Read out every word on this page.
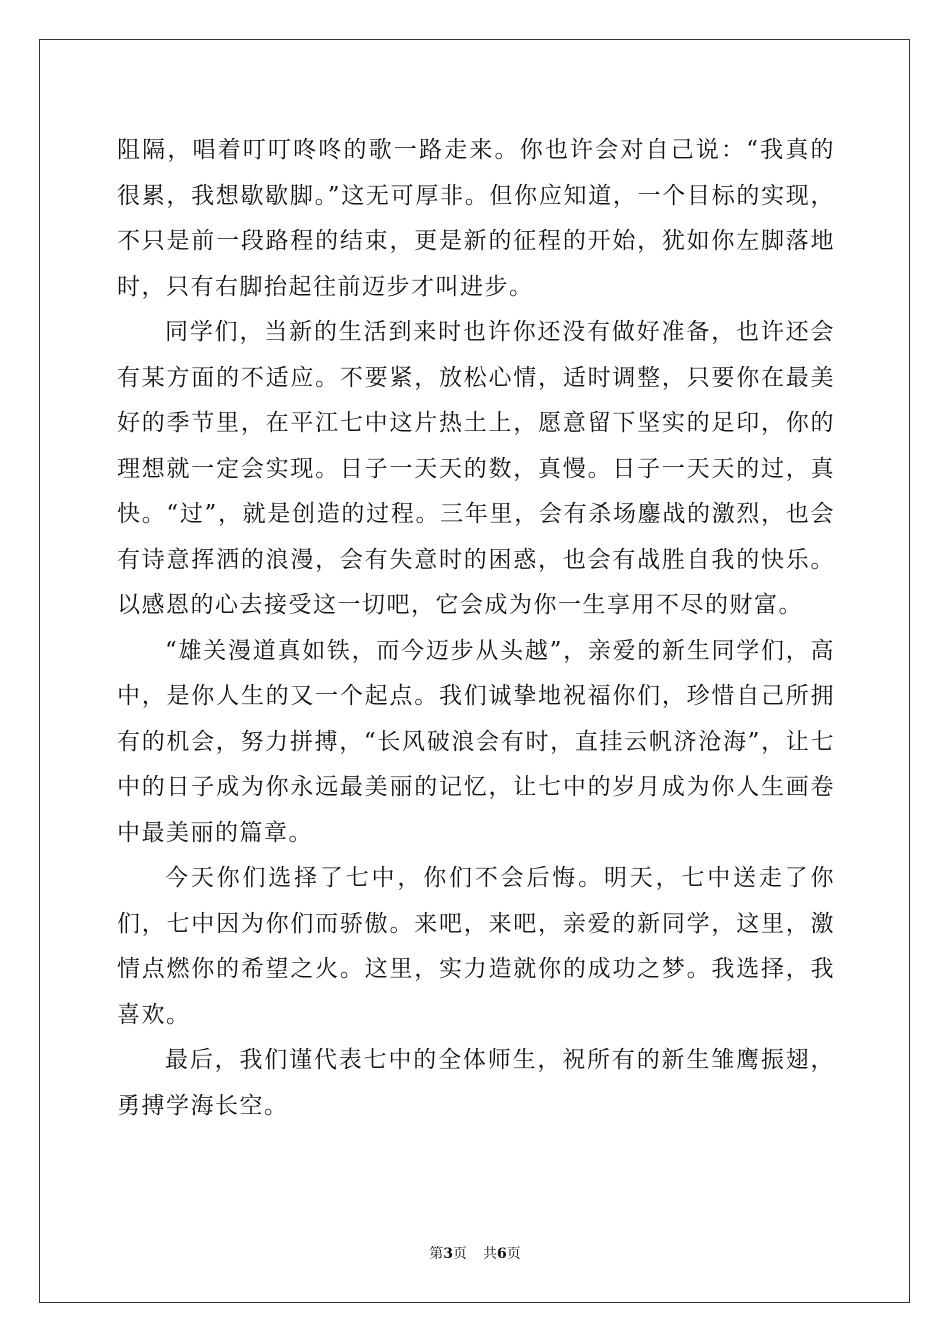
阻隔，唱着叮叮咚咚的歌一路走来。你也许会对自己说：“我真的很累，我想歇歇脚。”这无可厚非。但你应知道，一个目标的实现，不只是前一段路程的结束，更是新的征程的开始，犹如你左脚落地时，只有右脚抬起往前迈步才叫进步。

同学们，当新的生活到来时也许你还没有做好准备，也许还会有某方面的不适应。不要紧，放松心情，适时调整，只要你在最美好的季节里，在平江七中这片热土上，愿意留下坚实的足印，你的理想就一定会实现。日子一天天的数，真慢。日子一天天的过，真快。“过”，就是创造的过程。三年里，会有杀场鏖战的激烈，也会有诗意挥洒的浪漫，会有失意时的困惑，也会有战胜自我的快乐。以感恩的心去接受这一切吧，它会成为你一生享用不尽的财富。

“雄关漫道真如铁，而今迈步从头越”，亲爱的新生同学们，高中，是你人生的又一个起点。我们诚挚地祝福你们，珍惜自己所拥有的机会，努力拼搏，“长风破浪会有时，直挂云帆济沧海”，让七中的日子成为你永远最美丽的记忆，让七中的岁月成为你人生画卷中最美丽的篇章。

今天你们选择了七中，你们不会后悔。明天，七中送走了你们，七中因为你们而骄傲。来吧，来吧，亲爱的新同学，这里，激情点燃你的希望之火。这里，实力造就你的成功之梦。我选择，我喜欢。

最后，我们谨代表七中的全体师生，祝所有的新生雏鹰振翅，勇搏学海长空。

第3页 共6页
